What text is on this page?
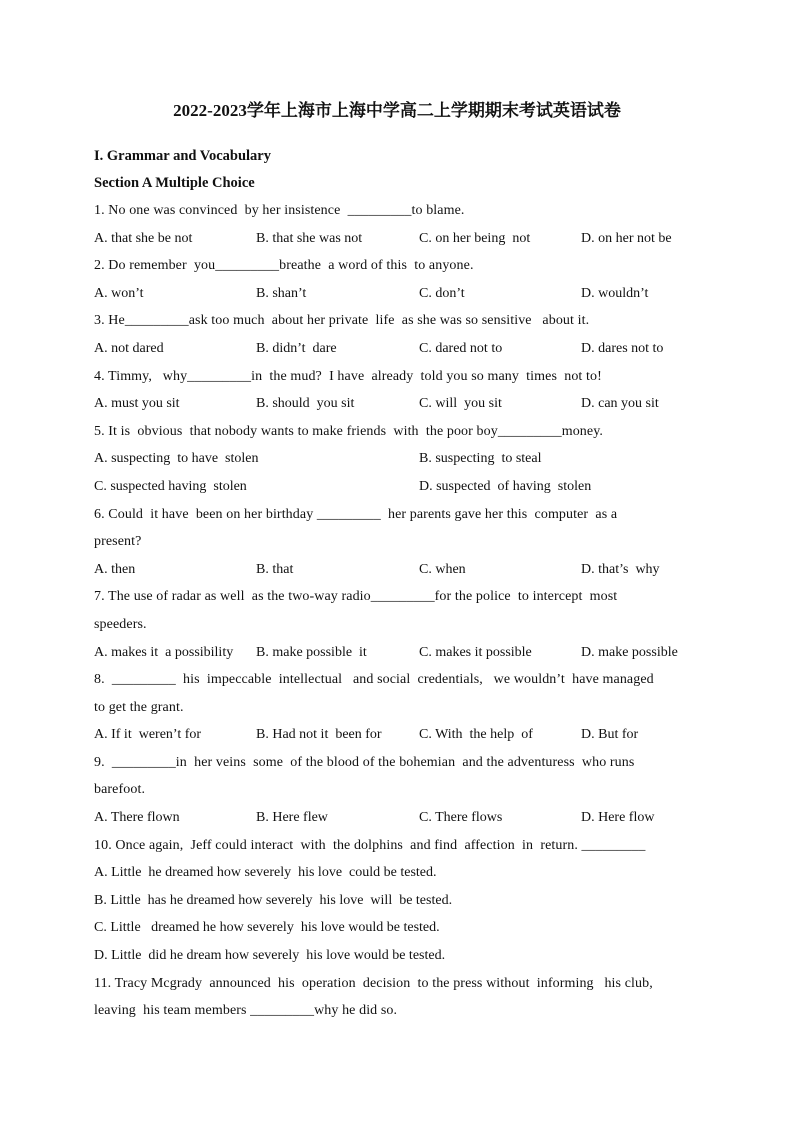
2022-2023学年上海市上海中学高二上学期期末考试英语试卷
I. Grammar and Vocabulary
Section A Multiple Choice
1. No one was convinced  by her insistence  _________to blame.
A. that she be not	B. that she was not	C. on her being  not	D. on her not be
2. Do remember  you_________breathe  a word of this  to anyone.
A. won’t	B. shan’t	C. don’t	D. wouldn’t
3. He_________ask too much  about her private  life  as she was so sensitive   about it.
A. not dared	B. didn’t  dare	C. dared not to	D. dares not to
4. Timmy,   why_________in  the mud?  I have  already  told you so many  times  not to!
A. must you sit	B. should  you sit	C. will  you sit	D. can you sit
5. It is  obvious  that nobody wants to make friends  with  the poor boy_________money.
A. suspecting  to have  stolen	B. suspecting  to steal
C. suspected having  stolen	D. suspected  of having  stolen
6. Could  it have  been on her birthday _________  her parents gave her this  computer  as a
present?
A. then	B. that	C. when	D. that’s  why
7. The use of radar as well  as the two-way radio_________for the police  to intercept  most
speeders.
A. makes it  a possibility B. make possible  it	C. makes it possible	D. make possible
8.  _________  his  impeccable  intellectual   and social  credentials,   we wouldn’t  have managed
to get the grant.
A. If it  weren’t for	B. Had not it  been for	C. With  the help  of	D. But for
9.  _________in  her veins  some  of the blood of the bohemian  and the adventuress  who runs
barefoot.
A. There flown	B. Here flew	C. There flows	D. Here flow
10. Once again,  Jeff could interact  with  the dolphins  and find  affection  in  return. _________
A. Little  he dreamed how severely  his love  could be tested.
B. Little  has he dreamed how severely  his love  will  be tested.
C. Little   dreamed he how severely  his love would be tested.
D. Little  did he dream how severely  his love would be tested.
11. Tracy Mcgrady  announced  his  operation  decision  to the press without  informing   his club,
leaving  his team members _________why he did so.
